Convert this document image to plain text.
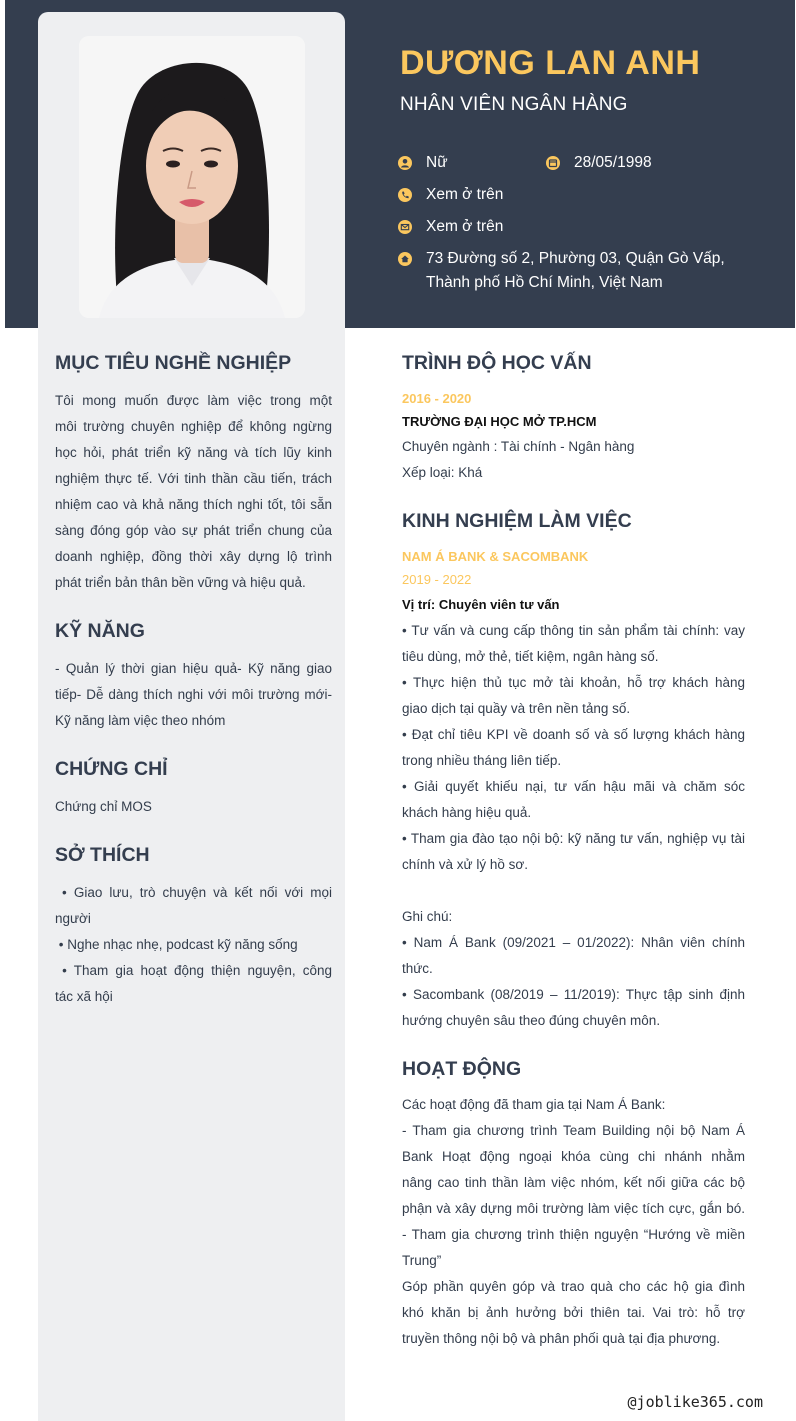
DƯƠNG LAN ANH
NHÂN VIÊN NGÂN HÀNG
Nữ	28/05/1998
Xem ở trên
Xem ở trên
73 Đường số 2, Phường 03, Quận Gò Vấp,
Thành phố Hồ Chí Minh, Việt Nam
MỤC TIÊU NGHỀ NGHIỆP
Tôi mong muốn được làm việc trong một
môi trường chuyên nghiệp để không ngừng
học hỏi, phát triển kỹ năng và tích lũy kinh
nghiệm thực tế. Với tinh thần cầu tiến, trách
nhiệm cao và khả năng thích nghi tốt, tôi sẵn
sàng đóng góp vào sự phát triển chung của
doanh nghiệp, đồng thời xây dựng lộ trình
phát triển bản thân bền vững và hiệu quả.
KỸ NĂNG
- Quản lý thời gian hiệu quả- Kỹ năng giao
tiếp- Dễ dàng thích nghi với môi trường mới-
Kỹ năng làm việc theo nhóm
CHỨNG CHỈ
Chứng chỉ MOS
SỞ THÍCH
• Giao lưu, trò chuyện và kết nối với mọi
người
• Nghe nhạc nhẹ, podcast kỹ năng sống
• Tham gia hoạt động thiện nguyện, công
tác xã hội
TRÌNH ĐỘ HỌC VẤN
2016 - 2020
TRƯỜNG ĐẠI HỌC MỞ TP.HCM
Chuyên ngành : Tài chính - Ngân hàng
Xếp loại: Khá
KINH NGHIỆM LÀM VIỆC
NAM Á BANK & SACOMBANK
2019 - 2022
Vị trí: Chuyên viên tư vấn
• Tư vấn và cung cấp thông tin sản phẩm tài chính: vay
tiêu dùng, mở thẻ, tiết kiệm, ngân hàng số.
• Thực hiện thủ tục mở tài khoản, hỗ trợ khách hàng
giao dịch tại quầy và trên nền tảng số.
• Đạt chỉ tiêu KPI về doanh số và số lượng khách hàng
trong nhiều tháng liên tiếp.
• Giải quyết khiếu nại, tư vấn hậu mãi và chăm sóc
khách hàng hiệu quả.
• Tham gia đào tạo nội bộ: kỹ năng tư vấn, nghiệp vụ tài
chính và xử lý hồ sơ.
Ghi chú:
• Nam Á Bank (09/2021 – 01/2022): Nhân viên chính
thức.
• Sacombank (08/2019 – 11/2019): Thực tập sinh định
hướng chuyên sâu theo đúng chuyên môn.
HOẠT ĐỘNG
Các hoạt động đã tham gia tại Nam Á Bank:
- Tham gia chương trình Team Building nội bộ Nam Á
Bank Hoạt động ngoại khóa cùng chi nhánh nhằm
nâng cao tinh thần làm việc nhóm, kết nối giữa các bộ
phận và xây dựng môi trường làm việc tích cực, gắn bó.
- Tham gia chương trình thiện nguyện “Hướng về miền
Trung”
Góp phần quyên góp và trao quà cho các hộ gia đình
khó khăn bị ảnh hưởng bởi thiên tai. Vai trò: hỗ trợ
truyền thông nội bộ và phân phối quà tại địa phương.
@joblike365.com
